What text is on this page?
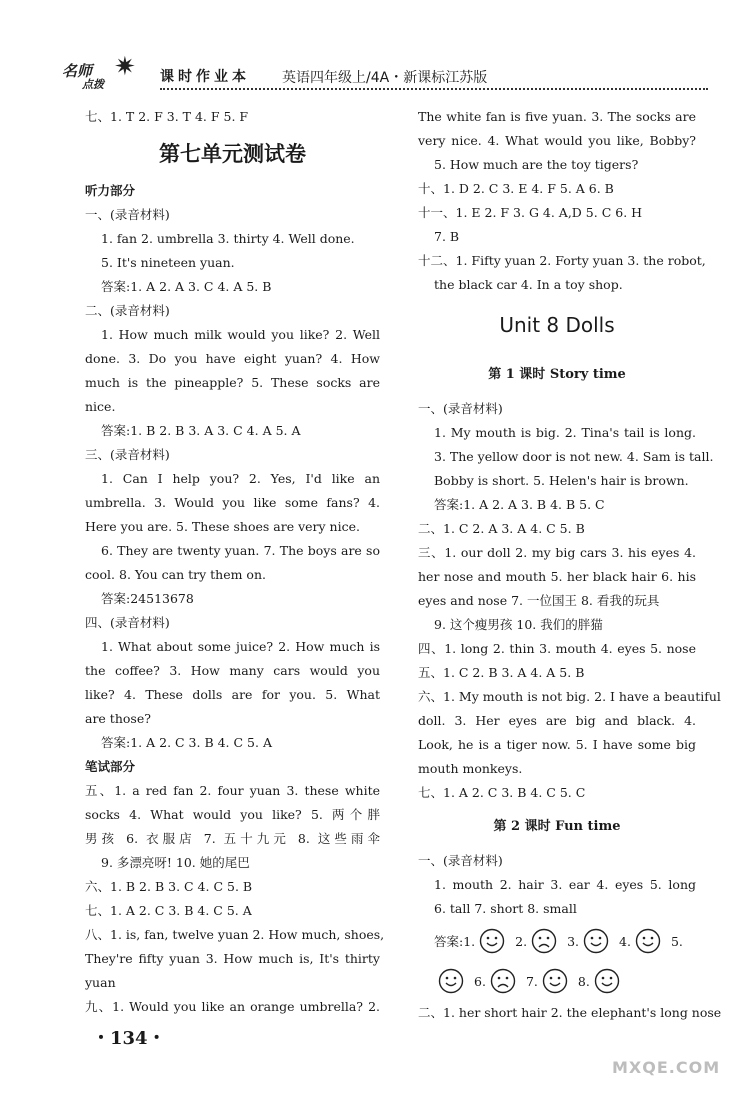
✷
名师
点拨	课时作业本 英语四年级上/4A・新课标江苏版
七、1. T 2. F 3. T 4. F 5. F
第七单元测试卷
听力部分
一、(录音材料)
1. fan 2. umbrella 3. thirty 4. Well done.
5. It's nineteen yuan.
答案:1. A 2. A 3. C 4. A 5. B
二、(录音材料)
1. How much milk would you like? 2. Well
done. 3. Do you have eight yuan? 4. How
much is the pineapple? 5. These socks are
nice.
答案:1. B 2. B 3. A 3. C 4. A 5. A
三、(录音材料)
1. Can I help you? 2. Yes, I'd like an
umbrella. 3. Would you like some fans? 4.
Here you are. 5. These shoes are very nice.
6. They are twenty yuan. 7. The boys are so
cool. 8. You can try them on.
答案:24513678
四、(录音材料)
1. What about some juice? 2. How much is
the coffee? 3. How many cars would you
like? 4. These dolls are for you. 5. What
are those?
答案:1. A 2. C 3. B 4. C 5. A
笔试部分
五、1. a red fan 2. four yuan 3. these white
socks 4. What would you like? 5. 两个胖
男孩 6. 衣服店 7. 五十九元 8. 这些雨伞
9. 多漂亮呀! 10. 她的尾巴
六、1. B 2. B 3. C 4. C 5. B
七、1. A 2. C 3. B 4. C 5. A
八、1. is, fan, twelve yuan 2. How much, shoes,
They're fifty yuan 3. How much is, It's thirty
yuan
九、1. Would you like an orange umbrella? 2.
The white fan is five yuan. 3. The socks are
very nice. 4. What would you like, Bobby?
5. How much are the toy tigers?
十、1. D 2. C 3. E 4. F 5. A 6. B
十一、1. E 2. F 3. G 4. A,D 5. C 6. H
7. B
十二、1. Fifty yuan 2. Forty yuan 3. the robot,
the black car 4. In a toy shop.
Unit 8 Dolls
第 1 课时 Story time
一、(录音材料)
1. My mouth is big. 2. Tina's tail is long.
3. The yellow door is not new. 4. Sam is tall.
Bobby is short. 5. Helen's hair is brown.
答案:1. A 2. A 3. B 4. B 5. C
二、1. C 2. A 3. A 4. C 5. B
三、1. our doll 2. my big cars 3. his eyes 4.
her nose and mouth 5. her black hair 6. his
eyes and nose 7. 一位国王 8. 看我的玩具
9. 这个瘦男孩 10. 我们的胖猫
四、1. long 2. thin 3. mouth 4. eyes 5. nose
五、1. C 2. B 3. A 4. A 5. B
六、1. My mouth is not big. 2. I have a beautiful
doll. 3. Her eyes are big and black. 4.
Look, he is a tiger now. 5. I have some big
mouth monkeys.
七、1. A 2. C 3. B 4. C 5. C
第 2 课时 Fun time
一、(录音材料)
1. mouth 2. hair 3. ear 4. eyes 5. long
6. tall 7. short 8. small
答案: 1.	2.	3.	4.	5.
6.	7.	8.
二、1. her short hair 2. the elephant's long nose
・134・
MXQE.COM
